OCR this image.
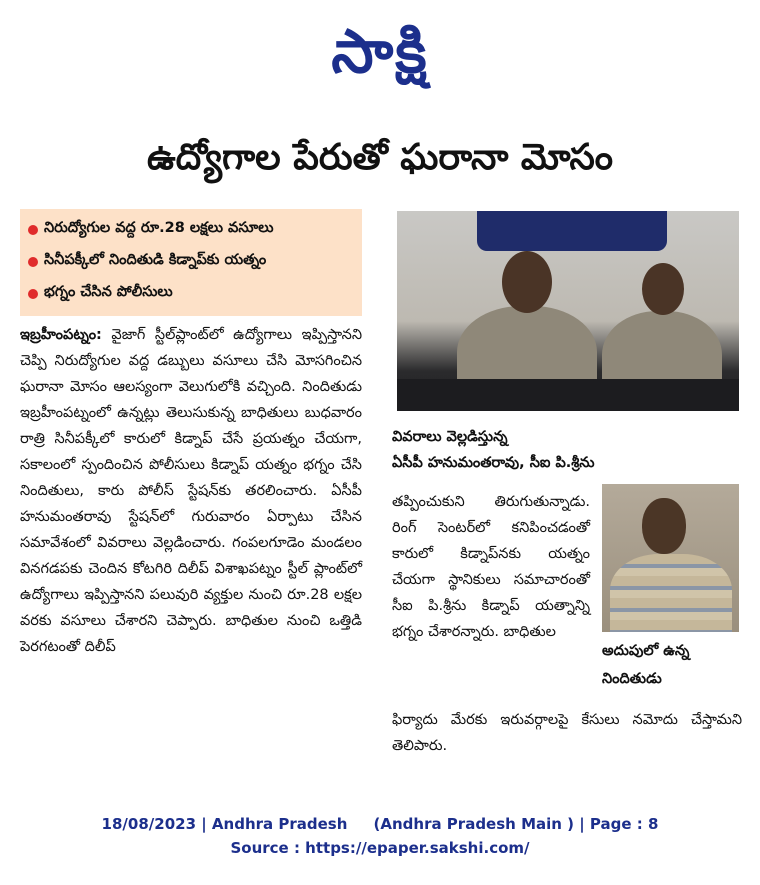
సాక్షి
ఉద్యోగాల పేరుతో ఘరానా మోసం
నిరుద్యోగుల వద్ద రూ.28 లక్షలు వసూలు
సినీపక్కీలో నిందితుడి కిడ్నాప్‌కు యత్నం
భగ్నం చేసిన పోలీసులు
వివరాలు వెల్లడిస్తున్న
ఏసీపీ హనుమంతరావు, సీఐ పి.శ్రీను
అదుపులో ఉన్న
నిందితుడు

ఇబ్రహీంపట్నం: వైజాగ్ స్టీల్‌ప్లాంట్‌లో ఉద్యోగాలు ఇప్పిస్తానని చెప్పి నిరుద్యోగుల వద్ద డబ్బులు వసూలు చేసి మోసగించిన ఘరానా మోసం ఆలస్యంగా వెలుగులోకి వచ్చింది. నిందితుడు ఇబ్రహీంపట్నంలో ఉన్నట్లు తెలుసుకున్న బాధితులు బుధవారం రాత్రి సినీపక్కీలో కారులో కిడ్నాప్ చేసే ప్రయత్నం చేయగా, సకాలంలో స్పందించిన పోలీసులు కిడ్నాప్ యత్నం భగ్నం చేసి నిందితులు, కారు పోలీస్ స్టేషన్‌కు తరలించారు. ఏసీపీ హనుమంతరావు స్టేషన్‌లో గురువారం ఏర్పాటు చేసిన సమావేశంలో వివరాలు వెల్లడించారు. గంపలగూడెం మండలం వినగడపకు చెందిన కోటగిరి దిలీప్ విశాఖపట్నం స్టీల్ ప్లాంట్‌లో ఉద్యోగాలు ఇప్పిస్తానని పలువురి వ్యక్తుల నుంచి రూ.28 లక్షల వరకు వసూలు చేశారని చెప్పారు. బాధితుల నుంచి ఒత్తిడి పెరగటంతో దిలీప్

తప్పించుకుని తిరుగుతున్నాడు. రింగ్ సెంటర్‌లో కనిపించడంతో కారులో కిడ్నాప్‌నకు యత్నం చేయగా స్థానికులు సమాచారంతో సీఐ పి.శ్రీను కిడ్నాప్ యత్నాన్ని భగ్నం చేశారన్నారు. బాధితుల

ఫిర్యాదు మేరకు ఇరువర్గాలపై కేసులు నమోదు చేస్తామని తెలిపారు.

18/08/2023 | Andhra Pradesh     (Andhra Pradesh Main ) | Page : 8
Source : https://epaper.sakshi.com/
